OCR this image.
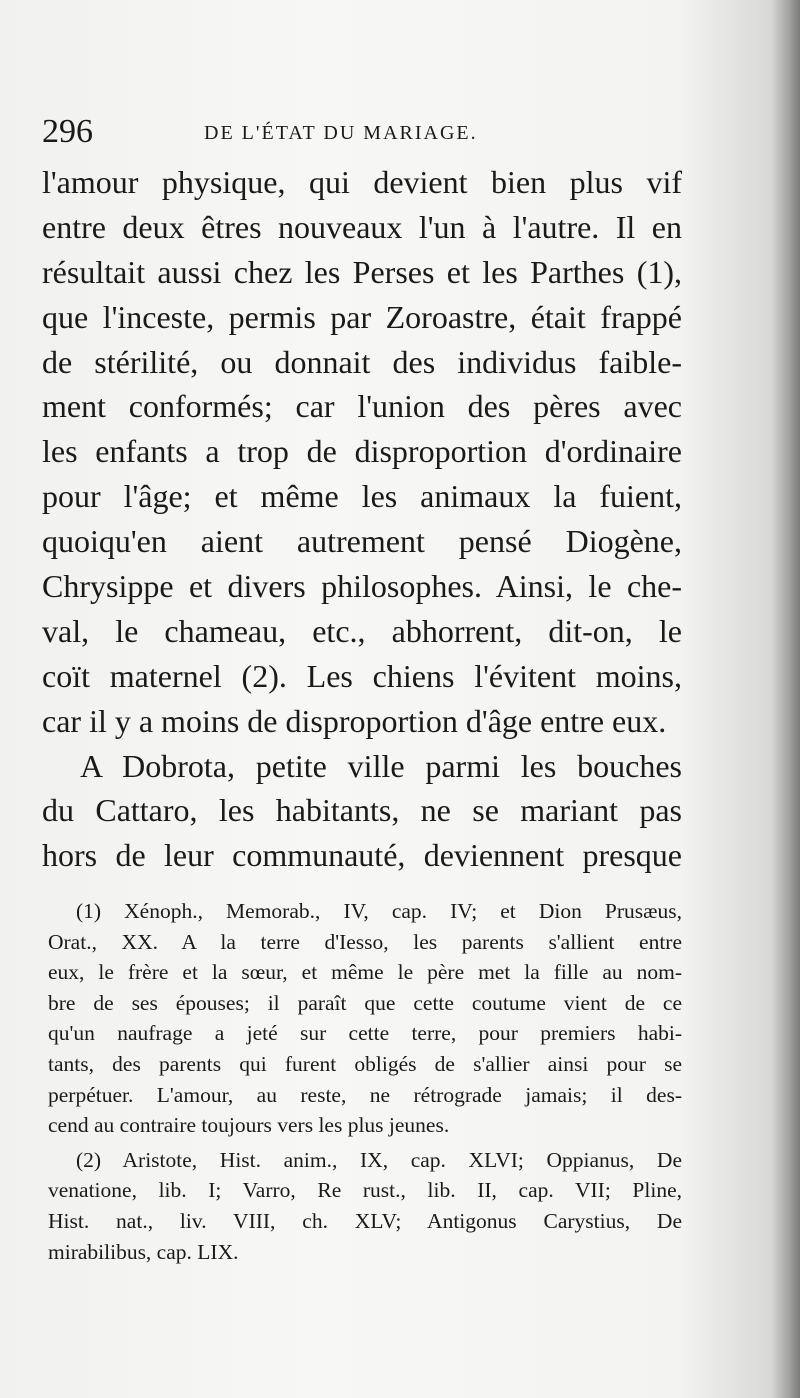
296	DE L'ÉTAT DU MARIAGE.
l'amour physique, qui devient bien plus vif
entre deux êtres nouveaux l'un à l'autre. Il en
résultait aussi chez les Perses et les Parthes (1),
que l'inceste, permis par Zoroastre, était frappé
de stérilité, ou donnait des individus faible-
ment conformés; car l'union des pères avec
les enfants a trop de disproportion d'ordinaire
pour l'âge; et même les animaux la fuient,
quoiqu'en aient autrement pensé Diogène,
Chrysippe et divers philosophes. Ainsi, le che-
val, le chameau, etc., abhorrent, dit-on, le
coït maternel (2). Les chiens l'évitent moins,
car il y a moins de disproportion d'âge entre eux.
A Dobrota, petite ville parmi les bouches
du Cattaro, les habitants, ne se mariant pas
hors de leur communauté, deviennent presque
(1) Xénoph., Memorab., IV, cap. IV; et Dion Prusæus,
Orat., XX. A la terre d'Iesso, les parents s'allient entre
eux, le frère et la sœur, et même le père met la fille au nom-
bre de ses épouses; il paraît que cette coutume vient de ce
qu'un naufrage a jeté sur cette terre, pour premiers habi-
tants, des parents qui furent obligés de s'allier ainsi pour se
perpétuer. L'amour, au reste, ne rétrograde jamais; il des-
cend au contraire toujours vers les plus jeunes.
(2) Aristote, Hist. anim., IX, cap. XLVI; Oppianus, De
venatione, lib. I; Varro, Re rust., lib. II, cap. VII; Pline,
Hist. nat., liv. VIII, ch. XLV; Antigonus Carystius, De
mirabilibus, cap. LIX.
